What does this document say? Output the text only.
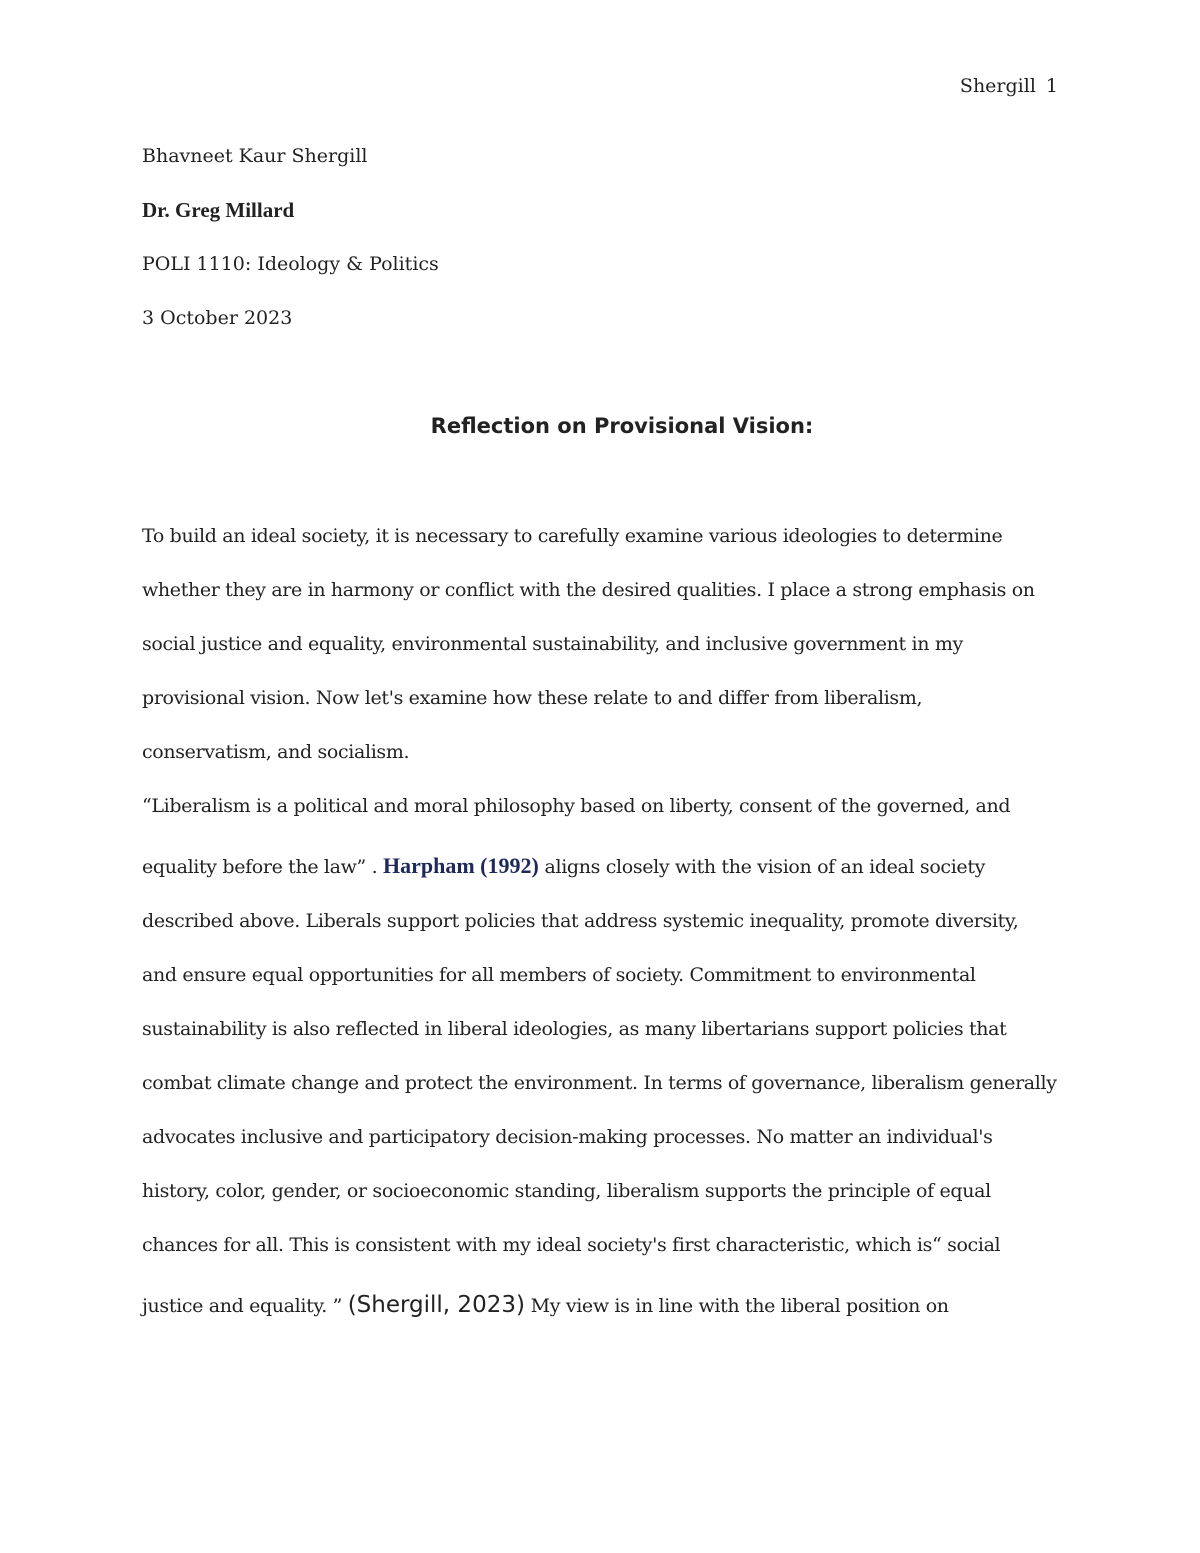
Shergill 1
Bhavneet Kaur Shergill
Dr. Greg Millard
POLI 1110: Ideology & Politics
3 October 2023
Reflection on Provisional Vision:
To build an ideal society, it is necessary to carefully examine various ideologies to determine
whether they are in harmony or conflict with the desired qualities. I place a strong emphasis on
social justice and equality, environmental sustainability, and inclusive government in my
provisional vision. Now let's examine how these relate to and differ from liberalism,
conservatism, and socialism.
“Liberalism is a political and moral philosophy based on liberty, consent of the governed, and
equality before the law” . Harpham (1992) aligns closely with the vision of an ideal society
described above. Liberals support policies that address systemic inequality, promote diversity,
and ensure equal opportunities for all members of society. Commitment to environmental
sustainability is also reflected in liberal ideologies, as many libertarians support policies that
combat climate change and protect the environment. In terms of governance, liberalism generally
advocates inclusive and participatory decision-making processes. No matter an individual's
history, color, gender, or socioeconomic standing, liberalism supports the principle of equal
chances for all. This is consistent with my ideal society's first characteristic, which is“ social
justice and equality. ” (Shergill, 2023) My view is in line with the liberal position on
